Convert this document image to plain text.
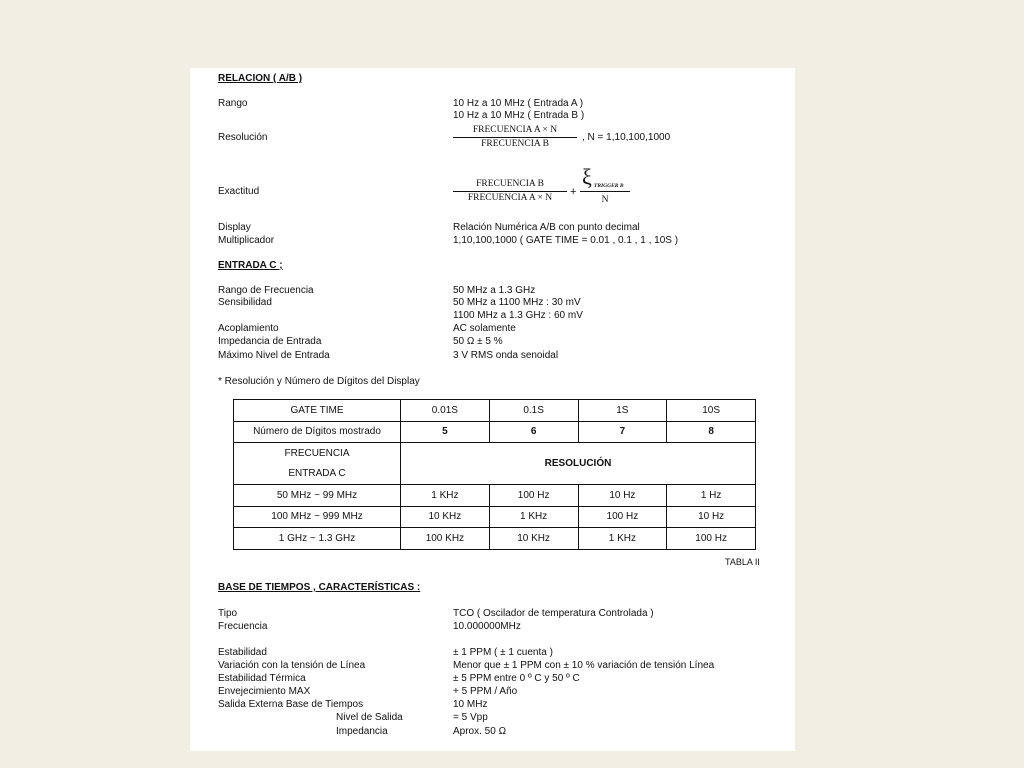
RELACION ( A/B )
Rango	10 Hz a 10 MHz ( Entrada A )
10 Hz a 10 MHz ( Entrada B )
Resolución
FRECUENCIA A × N
FRECUENCIA B
, N = 1,10,100,1000
Exactitud
FRECUENCIA B
FRECUENCIA A × N	+
ξ TRIGGER B
N
Display	Relación Numérica A/B con punto decimal
Multiplicador	1,10,100,1000 ( GATE TIME = 0.01 , 0.1 , 1 , 10S )
ENTRADA C ;
Rango de Frecuencia	50 MHz a 1.3 GHz
Sensibilidad	50 MHz a 1100 MHz : 30 mV
1100 MHz a 1.3 GHz : 60 mV
Acoplamiento	AC solamente
Impedancia de Entrada	50 Ω ± 5 %
Máximo Nivel de Entrada	3 V RMS onda senoidal
* Resolución y Número de Dígitos del Display
GATE TIME	0.01S	0.1S	1S	10S
Número de Dígitos mostrado	5	6	7	8
FRECUENCIA	RESOLUCIÓN			
ENTRADA C				
50 MHz ~ 99 MHz	1 KHz	100 Hz	10 Hz	1 Hz
100 MHz ~ 999 MHz	10 KHz	1 KHz	100 Hz	10 Hz
1 GHz ~ 1.3 GHz	100 KHz	10 KHz	1 KHz	100 Hz
TABLA II
BASE DE TIEMPOS , CARACTERÍSTICAS :
Tipo	TCO ( Oscilador de temperatura Controlada )
Frecuencia	10.000000MHz
Estabilidad	± 1 PPM ( ± 1 cuenta )
Variación con la tensión de Línea	Menor que ± 1 PPM con ± 10 % variación de tensión Línea
Estabilidad Térmica	± 5 PPM entre 0 º C y 50 º C
Envejecimiento MAX	+ 5 PPM / Año
Salida Externa Base de Tiempos	10 MHz
Nivel de Salida	= 5 Vpp
Impedancia	Aprox. 50 Ω
